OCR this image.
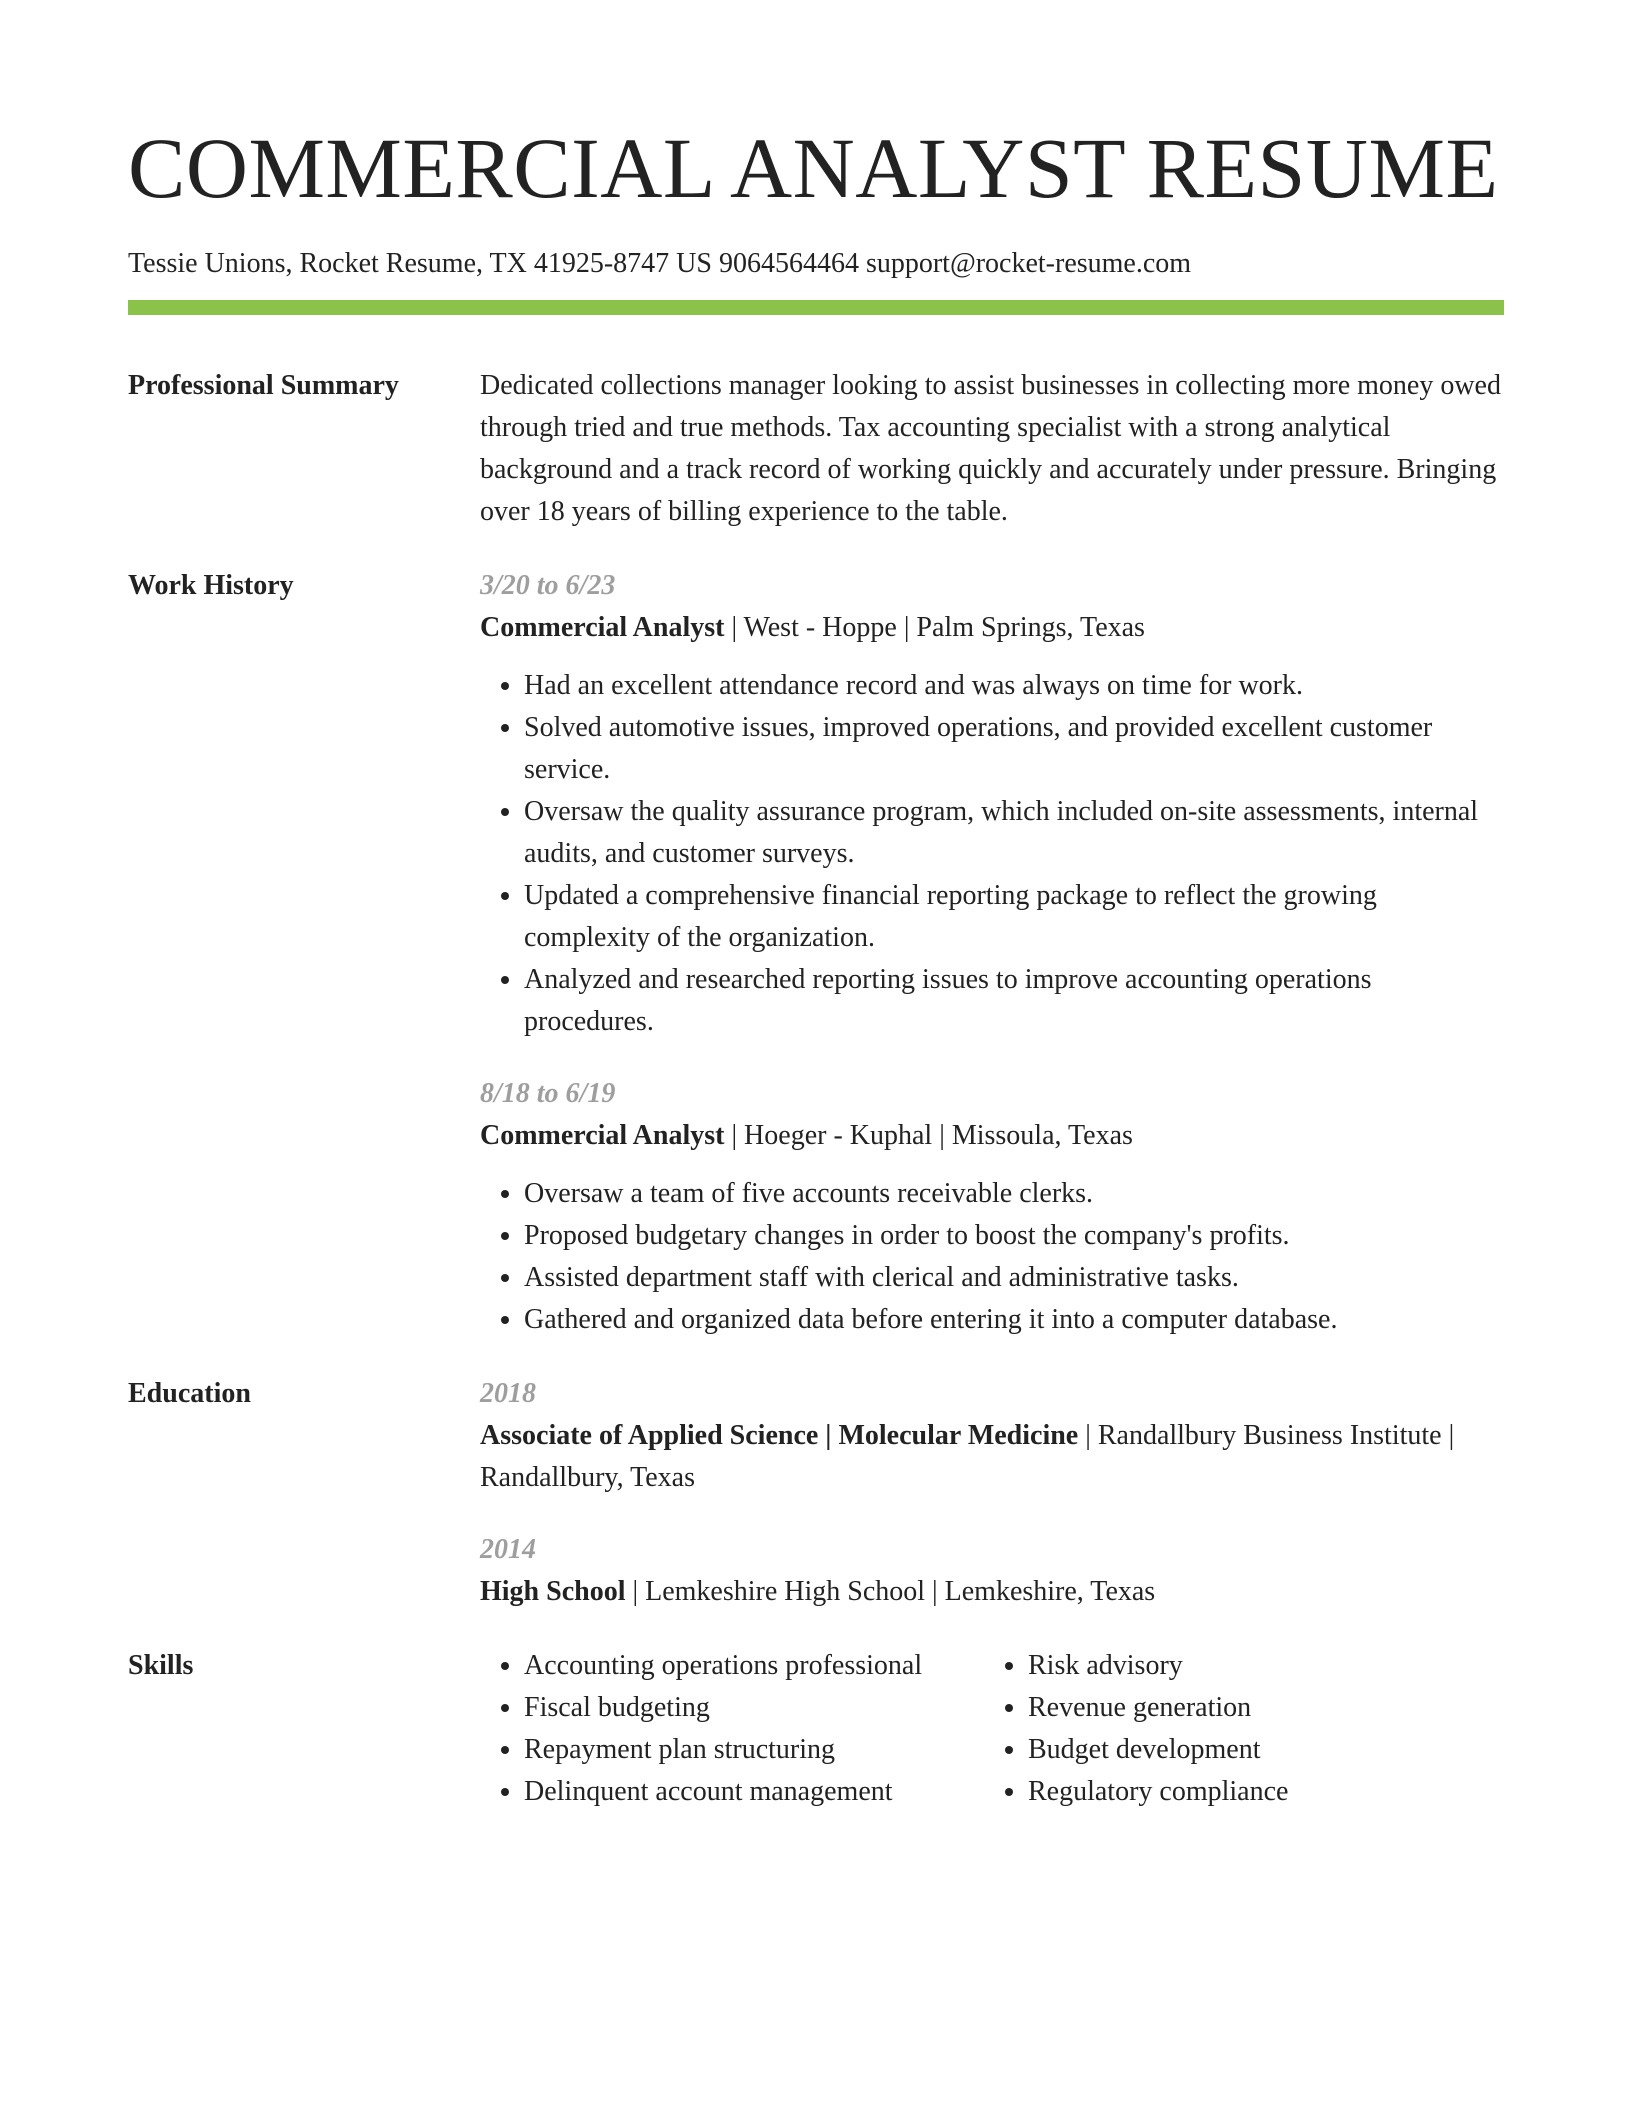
COMMERCIAL ANALYST RESUME
Tessie Unions, Rocket Resume, TX 41925-8747 US 9064564464 support@rocket-resume.com
Professional Summary	Dedicated collections manager looking to assist businesses in collecting more money owed through tried and true methods. Tax accounting specialist with a strong analytical background and a track record of working quickly and accurately under pressure. Bringing over 18 years of billing experience to the table.

Work History	3/20 to 6/23
Commercial Analyst | West - Hoppe | Palm Springs, Texas
• Had an excellent attendance record and was always on time for work.
• Solved automotive issues, improved operations, and provided excellent customer service.
• Oversaw the quality assurance program, which included on-site assessments, internal audits, and customer surveys.
• Updated a comprehensive financial reporting package to reflect the growing complexity of the organization.
• Analyzed and researched reporting issues to improve accounting operations procedures.
8/18 to 6/19
Commercial Analyst | Hoeger - Kuphal | Missoula, Texas
• Oversaw a team of five accounts receivable clerks.
• Proposed budgetary changes in order to boost the company's profits.
• Assisted department staff with clerical and administrative tasks.
• Gathered and organized data before entering it into a computer database.
Education	2018
Associate of Applied Science | Molecular Medicine | Randallbury Business Institute | Randallbury, Texas
2014
High School | Lemkeshire High School | Lemkeshire, Texas
Skills
•	Accounting operations professional
• Fiscal budgeting
• Repayment plan structuring
• Delinquent account management
• Risk advisory
• Revenue generation
• Budget development
• Regulatory compliance
